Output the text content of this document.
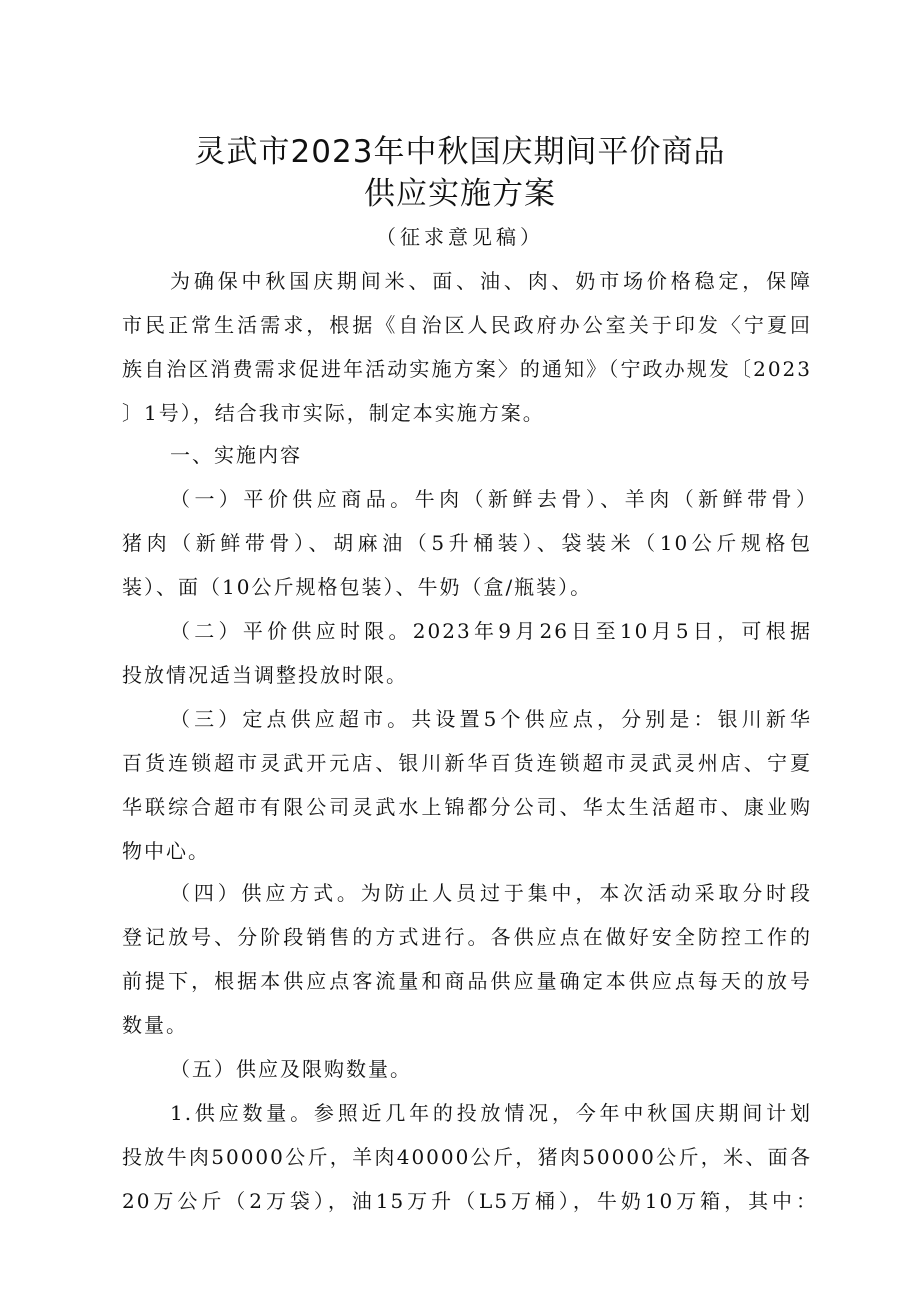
灵武市2023年中秋国庆期间平价商品
供应实施方案

（征求意见稿）

为确保中秋国庆期间米、面、油、肉、奶市场价格稳定，保障

市民正常生活需求，根据《自治区人民政府办公室关于印发〈宁夏回

族自治区消费需求促进年活动实施方案〉的通知》（宁政办规发〔2023

〕1号），结合我市实际，制定本实施方案。

一、实施内容

（一）平价供应商品。牛肉（新鲜去骨）、羊肉（新鲜带骨）

猪肉（新鲜带骨）、胡麻油（5升桶装）、袋装米（10公斤规格包

装）、面（10公斤规格包装）、牛奶（盒/瓶装）。

（二）平价供应时限。2023年9月26日至10月5日，可根据

投放情况适当调整投放时限。

（三）定点供应超市。共设置5个供应点，分别是：银川新华

百货连锁超市灵武开元店、银川新华百货连锁超市灵武灵州店、宁夏

华联综合超市有限公司灵武水上锦都分公司、华太生活超市、康业购

物中心。

（四）供应方式。为防止人员过于集中，本次活动采取分时段

登记放号、分阶段销售的方式进行。各供应点在做好安全防控工作的

前提下，根据本供应点客流量和商品供应量确定本供应点每天的放号

数量。

（五）供应及限购数量。

1.供应数量。参照近几年的投放情况，今年中秋国庆期间计划

投放牛肉50000公斤，羊肉40000公斤，猪肉50000公斤，米、面各

20万公斤（2万袋），油15万升（L5万桶），牛奶10万箱，其中：
